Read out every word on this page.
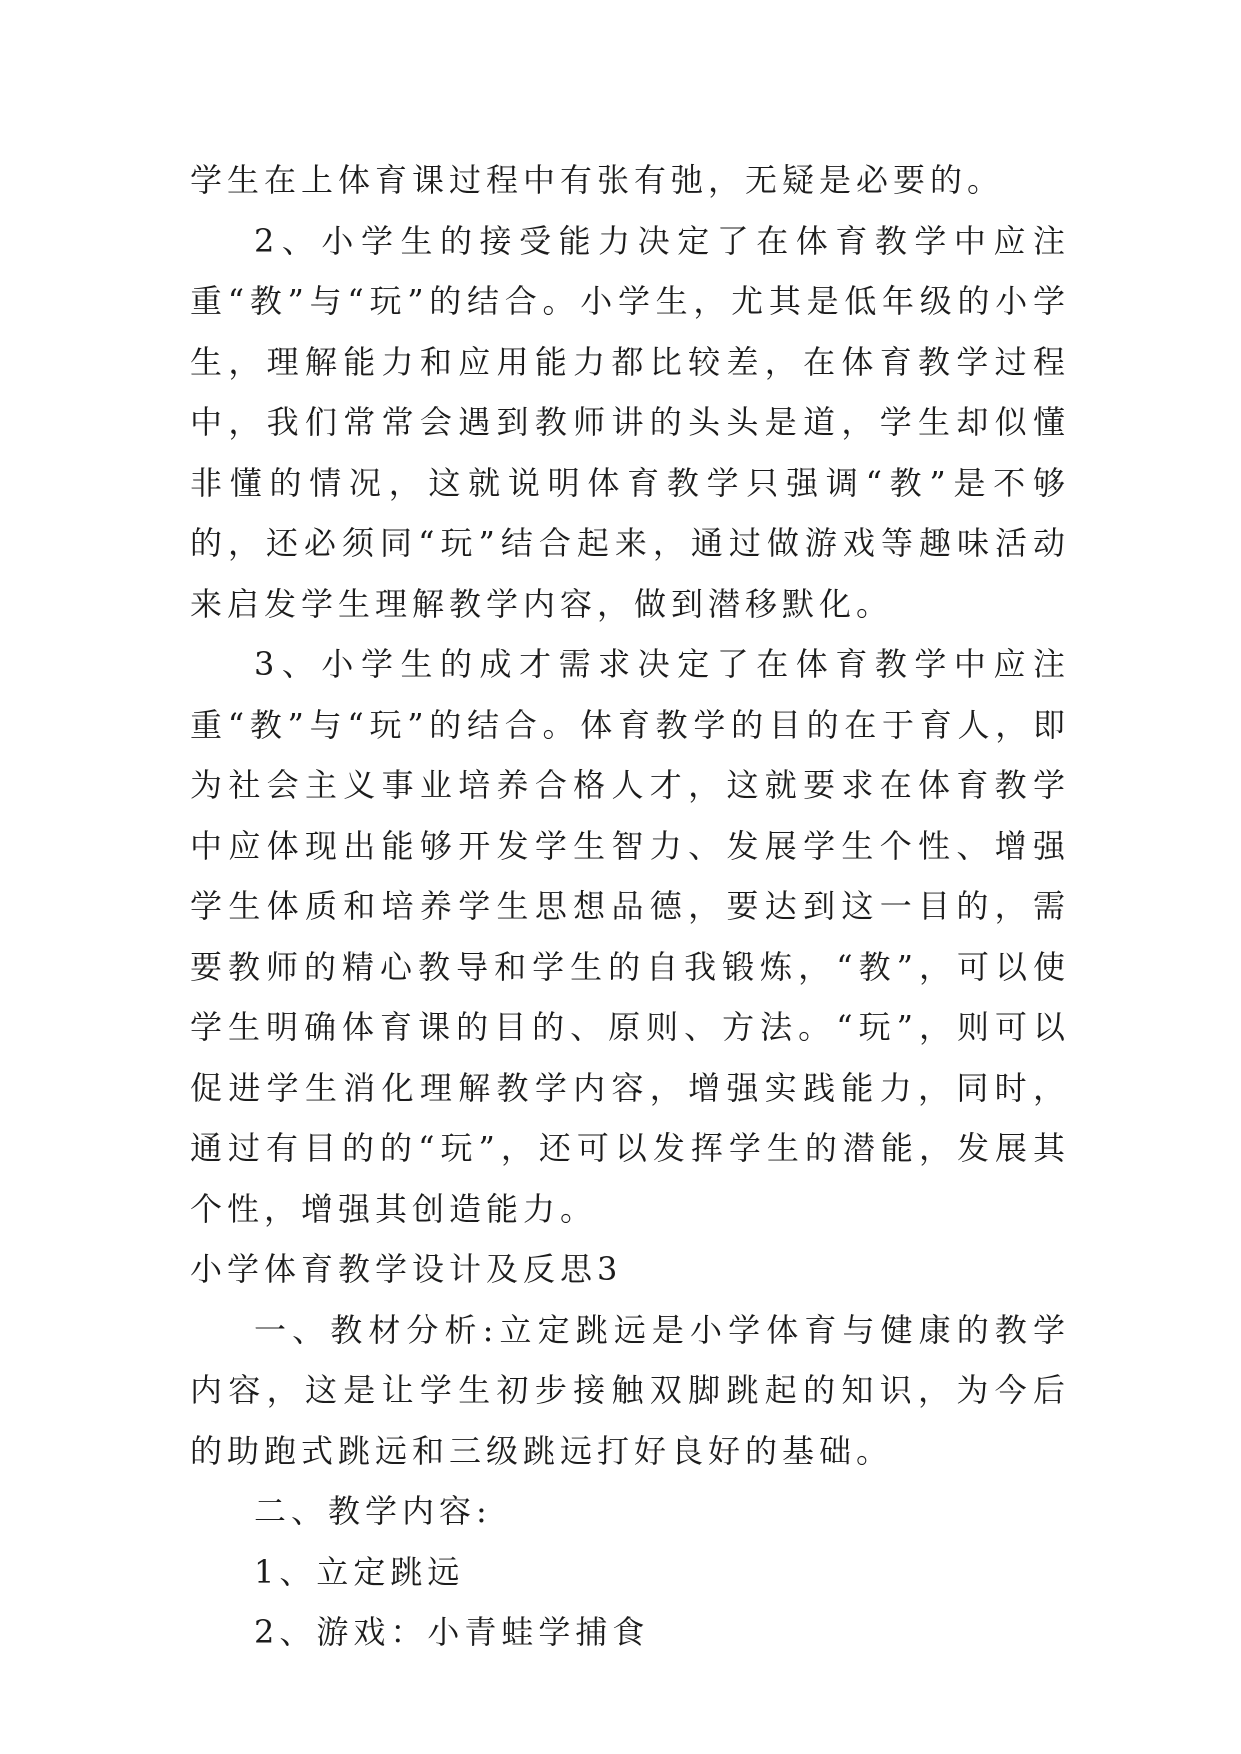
学生在上体育课过程中有张有弛，无疑是必要的。

2、小学生的接受能力决定了在体育教学中应注重“教”与“玩”的结合。小学生，尤其是低年级的小学生，理解能力和应用能力都比较差，在体育教学过程中，我们常常会遇到教师讲的头头是道，学生却似懂非懂的情况，这就说明体育教学只强调“教”是不够的，还必须同“玩”结合起来，通过做游戏等趣味活动来启发学生理解教学内容，做到潜移默化。

3、小学生的成才需求决定了在体育教学中应注重“教”与“玩”的结合。体育教学的目的在于育人，即为社会主义事业培养合格人才，这就要求在体育教学中应体现出能够开发学生智力、发展学生个性、增强学生体质和培养学生思想品德，要达到这一目的，需要教师的精心教导和学生的自我锻炼，“教”，可以使学生明确体育课的目的、原则、方法。“玩”，则可以促进学生消化理解教学内容，增强实践能力，同时，通过有目的的“玩”，还可以发挥学生的潜能，发展其个性，增强其创造能力。

小学体育教学设计及反思3

一、教材分析:立定跳远是小学体育与健康的教学内容，这是让学生初步接触双脚跳起的知识，为今后的助跑式跳远和三级跳远打好良好的基础。

二、教学内容:

1、立定跳远

2、游戏：小青蛙学捕食
